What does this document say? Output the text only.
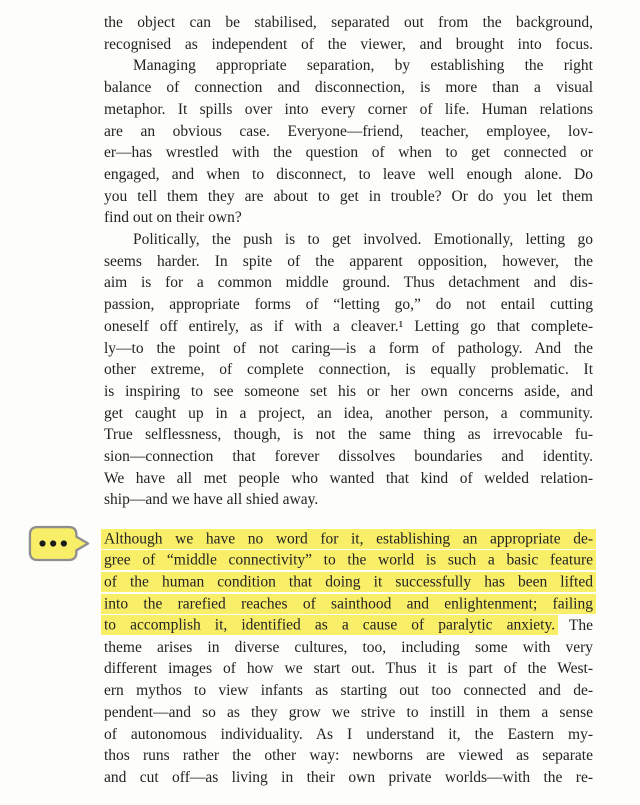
the object can be stabilised, separated out from the background,
recognised as independent of the viewer, and brought into focus.
Managing appropriate separation, by establishing the right
balance of connection and disconnection, is more than a visual
metaphor. It spills over into every corner of life. Human relations
are an obvious case. Everyone—friend, teacher, employee, lov-
er—has wrestled with the question of when to get connected or
engaged, and when to disconnect, to leave well enough alone. Do
you tell them they are about to get in trouble? Or do you let them
find out on their own?
Politically, the push is to get involved. Emotionally, letting go
seems harder. In spite of the apparent opposition, however, the
aim is for a common middle ground. Thus detachment and dis-
passion, appropriate forms of “letting go,” do not entail cutting
oneself off entirely, as if with a cleaver.¹ Letting go that complete-
ly—to the point of not caring—is a form of pathology. And the
other extreme, of complete connection, is equally problematic. It
is inspiring to see someone set his or her own concerns aside, and
get caught up in a project, an idea, another person, a community.
True selflessness, though, is not the same thing as irrevocable fu-
sion—connection that forever dissolves boundaries and identity.
We have all met people who wanted that kind of welded relation-
ship—and we have all shied away.
Although we have no word for it, establishing an appropriate de-
gree of “middle connectivity” to the world is such a basic feature
of the human condition that doing it successfully has been lifted
into the rarefied reaches of sainthood and enlightenment; failing
to accomplish it, identified as a cause of paralytic anxiety. The
theme arises in diverse cultures, too, including some with very
different images of how we start out. Thus it is part of the West-
ern mythos to view infants as starting out too connected and de-
pendent—and so as they grow we strive to instill in them a sense
of autonomous individuality. As I understand it, the Eastern my-
thos runs rather the other way: newborns are viewed as separate
and cut off—as living in their own private worlds—with the re-
